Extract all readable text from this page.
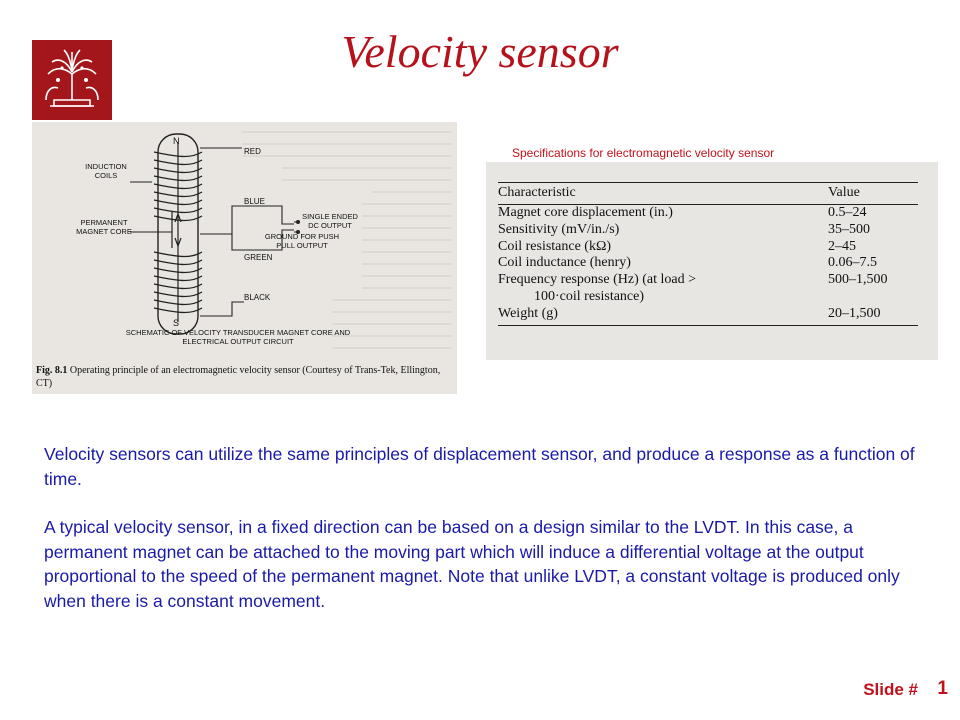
Velocity sensor
N
S
RED
BLUE
GREEN
BLACK
INDUCTION COILS
PERMANENT MAGNET CORE
SINGLE ENDED DC OUTPUT
GROUND FOR PUSH PULL OUTPUT
SCHEMATIC OF VELOCITY TRANSDUCER MAGNET CORE AND ELECTRICAL OUTPUT CIRCUIT
Fig. 8.1 Operating principle of an electromagnetic velocity sensor (Courtesy of Trans-Tek, Ellington, CT)
Specifications for electromagnetic velocity sensor
Characteristic	Value
Magnet core displacement (in.)	0.5–24
Sensitivity (mV/in./s)	35–500
Coil resistance (kΩ)	2–45
Coil inductance (henry)	0.06–7.5
Frequency response (Hz) (at load >	500–1,500
100·coil resistance)	
Weight (g)	20–1,500

Velocity sensors can utilize the same principles of displacement sensor, and produce a response as a function of time.

A typical velocity sensor, in a fixed direction can be based on a design similar to the LVDT. In this case, a permanent magnet can be attached to the moving part which will induce a differential voltage at the output proportional to the speed of the permanent magnet. Note that unlike LVDT, a constant voltage is produced only when there is a constant movement.

Slide # 1
